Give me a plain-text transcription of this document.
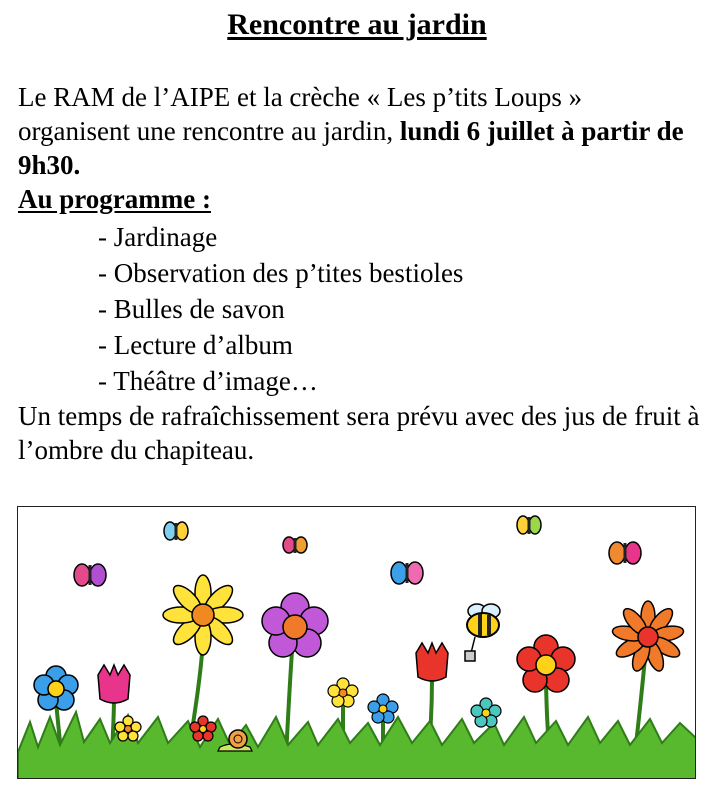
Rencontre au jardin

Le RAM de l’AIPE et la crèche « Les p’tits Loups »
organisent une rencontre au jardin, lundi 6 juillet à partir de 9h30.

Au programme :

- Jardinage
- Observation des p’tites bestioles
- Bulles de savon
- Lecture d’album
- Théâtre d’image…

Un temps de rafraîchissement sera prévu avec des jus de fruit à l’ombre du chapiteau.
